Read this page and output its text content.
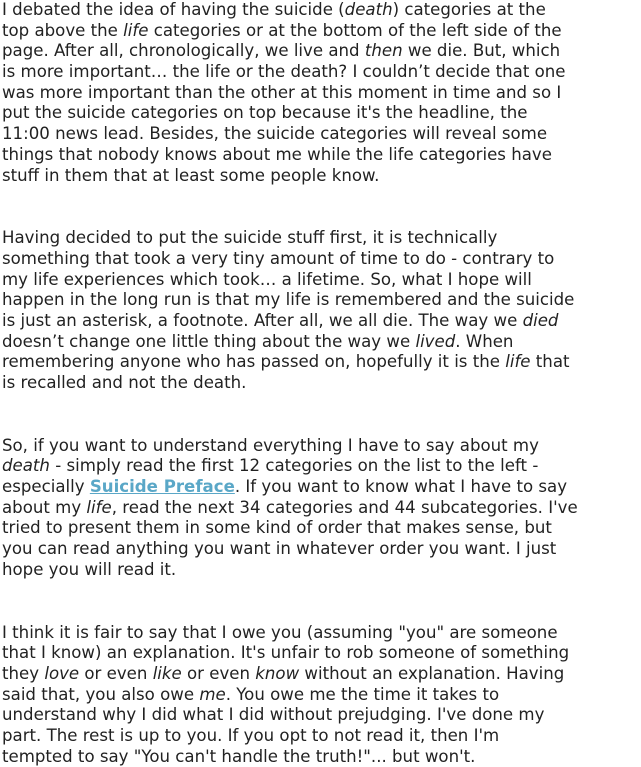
I debated the idea of having the suicide (death) categories at the
top above the life categories or at the bottom of the left side of the
page. After all, chronologically, we live and then we die. But, which
is more important… the life or the death? I couldn’t decide that one
was more important than the other at this moment in time and so I
put the suicide categories on top because it's the headline, the
11:00 news lead. Besides, the suicide categories will reveal some
things that nobody knows about me while the life categories have
stuff in them that at least some people know.

Having decided to put the suicide stuff first, it is technically
something that took a very tiny amount of time to do - contrary to
my life experiences which took… a lifetime. So, what I hope will
happen in the long run is that my life is remembered and the suicide
is just an asterisk, a footnote. After all, we all die. The way we died
doesn’t change one little thing about the way we lived. When
remembering anyone who has passed on, hopefully it is the life that
is recalled and not the death.

So, if you want to understand everything I have to say about my
death - simply read the first 12 categories on the list to the left -
especially Suicide Preface. If you want to know what I have to say
about my life, read the next 34 categories and 44 subcategories. I've
tried to present them in some kind of order that makes sense, but
you can read anything you want in whatever order you want. I just
hope you will read it.

I think it is fair to say that I owe you (assuming "you" are someone
that I know) an explanation. It's unfair to rob someone of something
they love or even like or even know without an explanation. Having
said that, you also owe me. You owe me the time it takes to
understand why I did what I did without prejudging. I've done my
part. The rest is up to you. If you opt to not read it, then I'm
tempted to say "You can't handle the truth!"... but won't.
